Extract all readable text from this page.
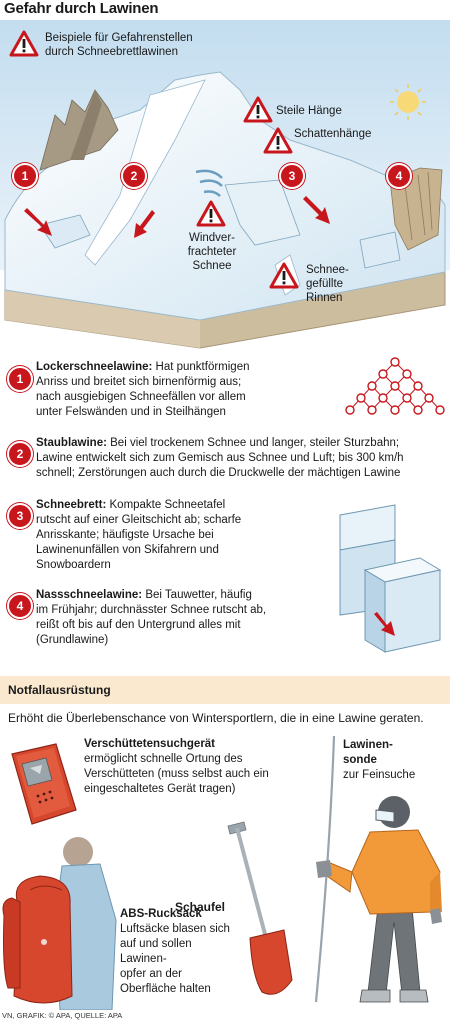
Gefahr durch Lawinen
Beispiele für Gefahrenstellen durch Schneebrettlawinen
Steile Hänge
Schattenhänge
Windver-
frachteter
Schnee	Schnee-
gefüllte
Rinnen
1	2	3	4
1
Lockerschneelawine: Hat punktförmigen
Anriss und breitet sich birnenförmig aus;
nach ausgiebigen Schneefällen vor allem
unter Felswänden und in Steilhängen
2
Staublawine: Bei viel trockenem Schnee und langer, steiler Sturzbahn;
Lawine entwickelt sich zum Gemisch aus Schnee und Luft; bis 300 km/h
schnell; Zerstörungen auch durch die Druckwelle der mächtigen Lawine
3
Schneebrett: Kompakte Schneetafel
rutscht auf einer Gleitschicht ab; scharfe
Anrisskante; häufigste Ursache bei
Lawinenunfällen von Skifahrern und
Snowboardern
4
Nassschneelawine: Bei Tauwetter, häufig
im Frühjahr; durchnässter Schnee rutscht ab,
reißt oft bis auf den Untergrund alles mit
(Grundlawine)
Notfallausrüstung
Erhöht die Überlebenschance von Wintersportlern, die in eine Lawine geraten.
Verschüttetensuchgerät
ermöglicht schnelle Ortung des
Verschütteten (muss selbst auch ein
eingeschaltetes Gerät tragen)
Lawinen-
sonde
zur Feinsuche
Schaufel
ABS-Rucksack
Luftsäcke blasen sich
auf und sollen
Lawinen-
opfer an der
Oberfläche halten
VN, GRAFIK: © APA, QUELLE: APA
